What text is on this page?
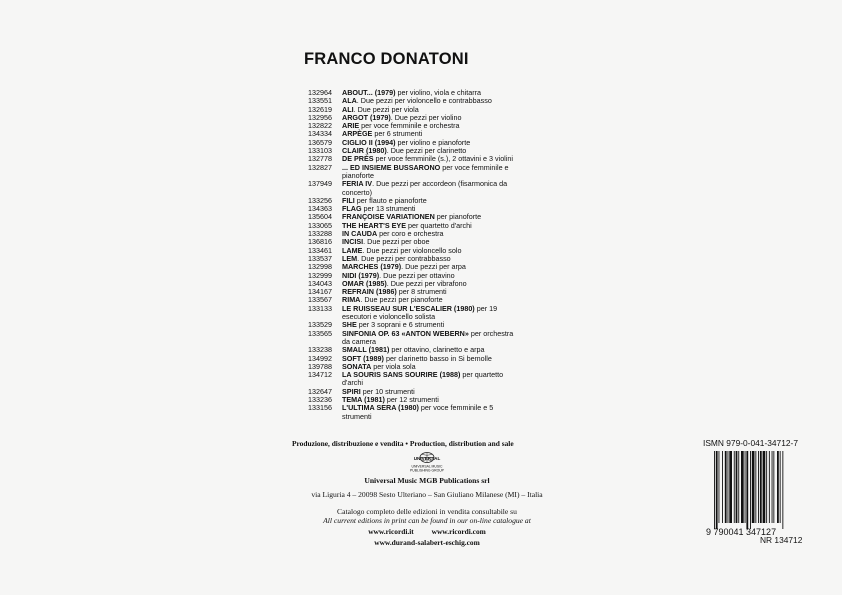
FRANCO DONATONI
132964	ABOUT... (1979) per violino, viola e chitarra
133551	ALA. Due pezzi per violoncello e contrabbasso
132619	ALI. Due pezzi per viola
132956	ARGOT (1979). Due pezzi per violino
132822	ARIE per voce femminile e orchestra
134334	ARPÈGE per 6 strumenti
136579	CIGLIO II (1994) per violino e pianoforte
133103	CLAIR (1980). Due pezzi per clarinetto
132778	DE PRÈS per voce femminile (s.), 2 ottavini e 3 violini
132827	... ED INSIEME BUSSARONO per voce femminile e pianoforte
137949	FERIA IV. Due pezzi per accordeon (fisarmonica da concerto)
133256	FILI per flauto e pianoforte
134363	FLAG per 13 strumenti
135604	FRANÇOISE VARIATIONEN per pianoforte
133065	THE HEART'S EYE per quartetto d'archi
133288	IN CAUDA per coro e orchestra
136816	INCISI. Due pezzi per oboe
133461	LAME. Due pezzi per violoncello solo
133537	LEM. Due pezzi per contrabbasso
132998	MARCHES (1979). Due pezzi per arpa
132999	NIDI (1979). Due pezzi per ottavino
134043	OMAR (1985). Due pezzi per vibrafono
134167	REFRAIN (1986) per 8 strumenti
133567	RIMA. Due pezzi per pianoforte
133133	LE RUISSEAU SUR L'ESCALIER (1980) per 19 esecutori e violoncello solista
133529	SHE per 3 soprani e 6 strumenti
133565	SINFONIA OP. 63 «ANTON WEBERN» per orchestra da camera
133238	SMALL (1981) per ottavino, clarinetto e arpa
134992	SOFT (1989) per clarinetto basso in Si bemolle
139788	SONATA per viola sola
134712	LA SOURIS SANS SOURIRE (1988) per quartetto d'archi
132647	SPIRI per 10 strumenti
133236	TEMA (1981) per 12 strumenti
133156	L'ULTIMA SERA (1980) per voce femminile e 5 strumenti
Produzione, distribuzione e vendita • Production, distribution and sale
UNIVERSAL
UNIVERSAL MUSIC
PUBLISHING GROUP
Universal Music MGB Publications srl
via Liguria 4 – 20098 Sesto Ulteriano – San Giuliano Milanese (MI) – Italia
Catalogo completo delle edizioni in vendita consultabile su
All current editions in print can be found in our on-line catalogue at
www.ricordi.it www.ricordi.com
www.durand-salabert-eschig.com
ISMN 979-0-041-34712-7
9 790041 347127
NR 134712
